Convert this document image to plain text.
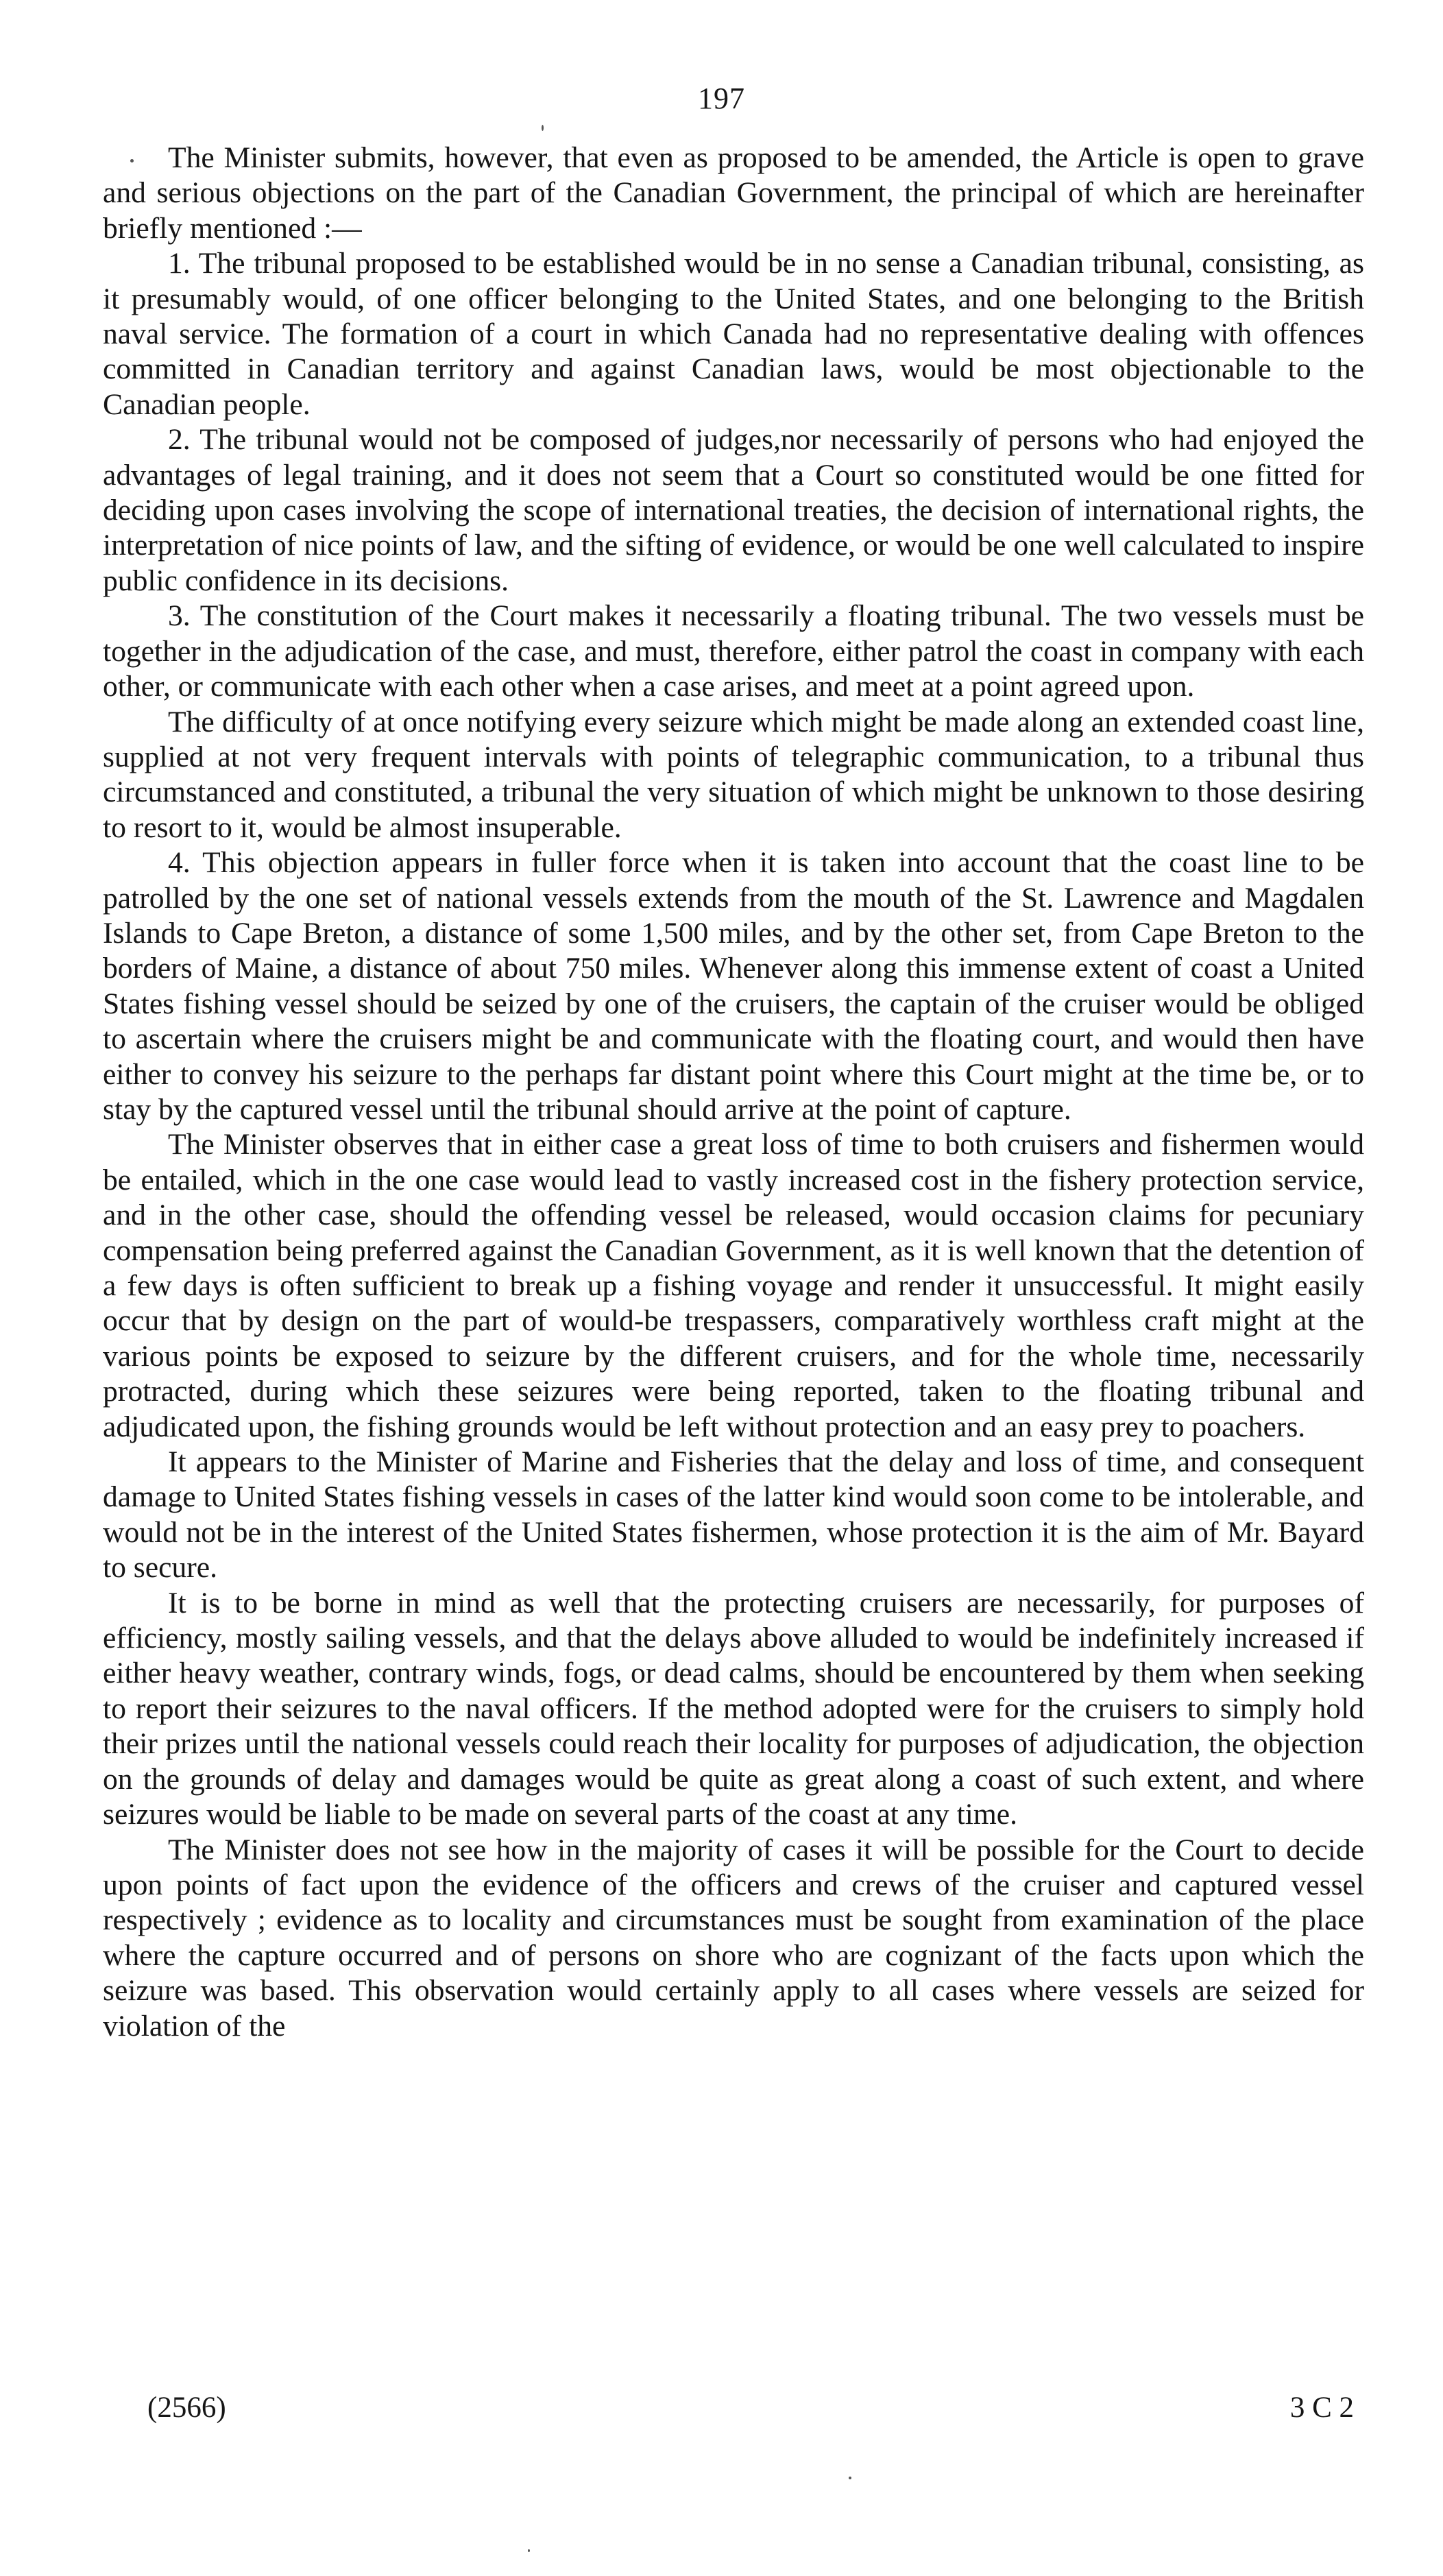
197

The Minister submits, however, that even as proposed to be amended, the Article is open to grave and serious objections on the part of the Canadian Government, the principal of which are hereinafter briefly mentioned :—

1. The tribunal proposed to be established would be in no sense a Canadian tribunal, consisting, as it presumably would, of one officer belonging to the United States, and one belonging to the British naval service. The formation of a court in which Canada had no representative dealing with offences committed in Canadian territory and against Canadian laws, would be most objectionable to the Canadian people.

2. The tribunal would not be composed of judges,nor necessarily of persons who had enjoyed the advantages of legal training, and it does not seem that a Court so constituted would be one fitted for deciding upon cases involving the scope of international treaties, the decision of international rights, the interpretation of nice points of law, and the sifting of evidence, or would be one well calculated to inspire public confidence in its decisions.

3. The constitution of the Court makes it necessarily a floating tribunal. The two vessels must be together in the adjudication of the case, and must, therefore, either patrol the coast in company with each other, or communicate with each other when a case arises, and meet at a point agreed upon.

The difficulty of at once notifying every seizure which might be made along an extended coast line, supplied at not very frequent intervals with points of telegraphic communication, to a tribunal thus circumstanced and constituted, a tribunal the very situation of which might be unknown to those desiring to resort to it, would be almost insuperable.

4. This objection appears in fuller force when it is taken into account that the coast line to be patrolled by the one set of national vessels extends from the mouth of the St. Lawrence and Magdalen Islands to Cape Breton, a distance of some 1,500 miles, and by the other set, from Cape Breton to the borders of Maine, a distance of about 750 miles. Whenever along this immense extent of coast a United States fishing vessel should be seized by one of the cruisers, the captain of the cruiser would be obliged to ascertain where the cruisers might be and communicate with the floating court, and would then have either to convey his seizure to the perhaps far distant point where this Court might at the time be, or to stay by the captured vessel until the tribunal should arrive at the point of capture.

The Minister observes that in either case a great loss of time to both cruisers and fishermen would be entailed, which in the one case would lead to vastly increased cost in the fishery protection service, and in the other case, should the offending vessel be released, would occasion claims for pecuniary compensation being preferred against the Canadian Government, as it is well known that the detention of a few days is often sufficient to break up a fishing voyage and render it unsuccessful. It might easily occur that by design on the part of would-be trespassers, comparatively worthless craft might at the various points be exposed to seizure by the different cruisers, and for the whole time, necessarily protracted, during which these seizures were being reported, taken to the floating tribunal and adjudicated upon, the fishing grounds would be left without protection and an easy prey to poachers.

It appears to the Minister of Marine and Fisheries that the delay and loss of time, and consequent damage to United States fishing vessels in cases of the latter kind would soon come to be intolerable, and would not be in the interest of the United States fishermen, whose protection it is the aim of Mr. Bayard to secure.

It is to be borne in mind as well that the protecting cruisers are necessarily, for purposes of efficiency, mostly sailing vessels, and that the delays above alluded to would be indefinitely increased if either heavy weather, contrary winds, fogs, or dead calms, should be encountered by them when seeking to report their seizures to the naval officers. If the method adopted were for the cruisers to simply hold their prizes until the national vessels could reach their locality for purposes of adjudication, the objection on the grounds of delay and damages would be quite as great along a coast of such extent, and where seizures would be liable to be made on several parts of the coast at any time.

The Minister does not see how in the majority of cases it will be possible for the Court to decide upon points of fact upon the evidence of the officers and crews of the cruiser and captured vessel respectively ; evidence as to locality and circumstances must be sought from examination of the place where the capture occurred and of persons on shore who are cognizant of the facts upon which the seizure was based. This observation would certainly apply to all cases where vessels are seized for violation of the

(2566)	3 C 2
